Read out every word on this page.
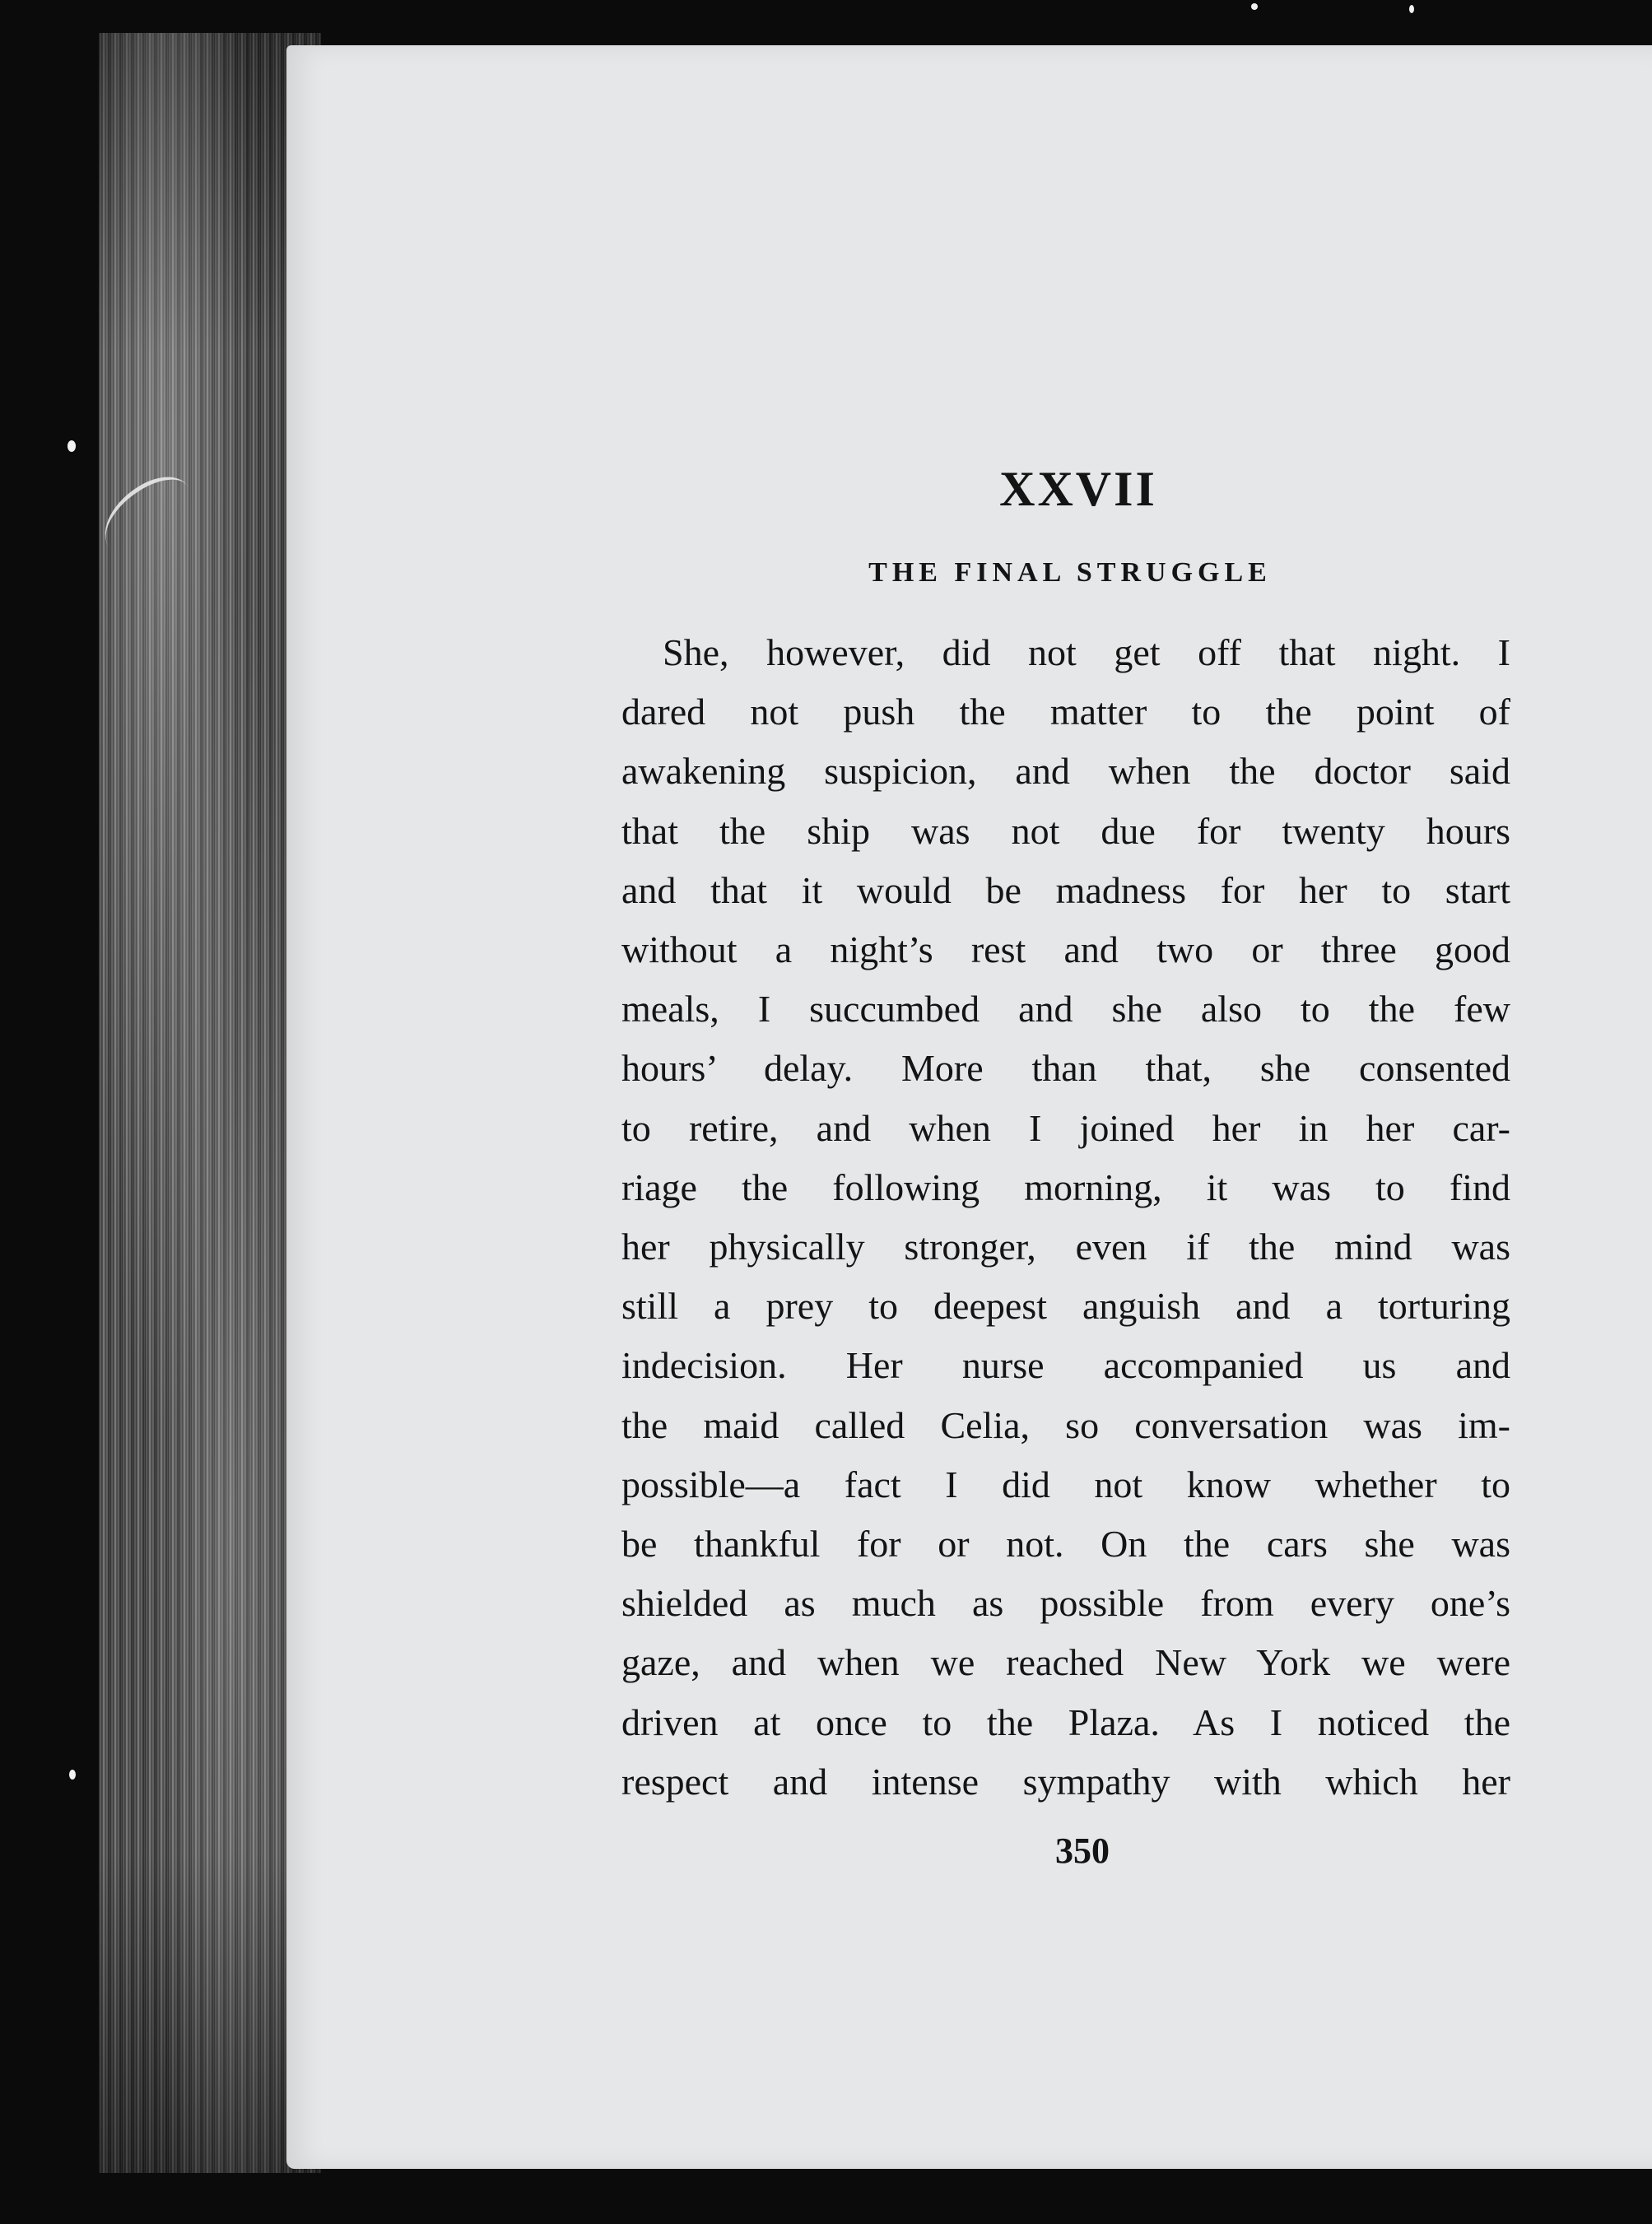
XXVII
THE FINAL STRUGGLE
She, however, did not get off that night. I
dared not push the matter to the point of
awakening suspicion, and when the doctor said
that the ship was not due for twenty hours
and that it would be madness for her to start
without a night’s rest and two or three good
meals, I succumbed and she also to the few
hours’ delay. More than that, she consented
to retire, and when I joined her in her car-
riage the following morning, it was to find
her physically stronger, even if the mind was
still a prey to deepest anguish and a torturing
indecision. Her nurse accompanied us and
the maid called Celia, so conversation was im-
possible—a fact I did not know whether to
be thankful for or not. On the cars she was
shielded as much as possible from every one’s
gaze, and when we reached New York we were
driven at once to the Plaza. As I noticed the
respect and intense sympathy with which her
350
